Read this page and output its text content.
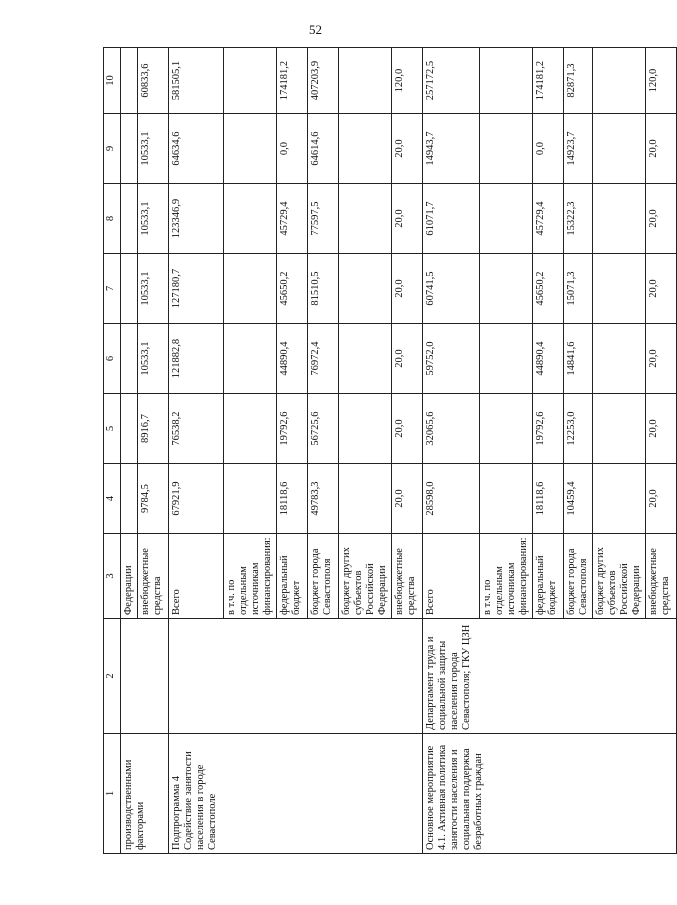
52
1	2	3	4	5	6	7	8	9	10
производственными факторами		Федерации							
		внебюджетные средства	9784,5	8916,7	10533,1	10533,1	10533,1	10533,1	60833,6
Подпрограмма 4 Содействие занятости населения в городе Севастополе		Всего	67921,9	76538,2	121882,8	127180,7	123346,9	64634,6	581505,1
		в т.ч. по отдельным источникам финансирования:							
		федеральный бюджет	18118,6	19792,6	44890,4	45650,2	45729,4	0,0	174181,2
		бюджет города Севастополя	49783,3	56725,6	76972,4	81510,5	77597,5	64614,6	407203,9
		бюджет других субъектов Российской Федерации							
		внебюджетные средства	20,0	20,0	20,0	20,0	20,0	20,0	120,0
Основное мероприятие 4.1. Активная политика занятости населения и социальная поддержка безработных граждан	Департамент труда и социальной защиты населения города Севастополя; ГКУ ЦЗН	Всего	28598,0	32065,6	59752,0	60741,5	61071,7	14943,7	257172,5
		в т.ч. по отдельным источникам финансирования:							
		федеральный бюджет	18118,6	19792,6	44890,4	45650,2	45729,4	0,0	174181,2
		бюджет города Севастополя	10459,4	12253,0	14841,6	15071,3	15322,3	14923,7	82871,3
		бюджет других субъектов Российской Федерации							
		внебюджетные средства	20,0	20,0	20,0	20,0	20,0	20,0	120,0
